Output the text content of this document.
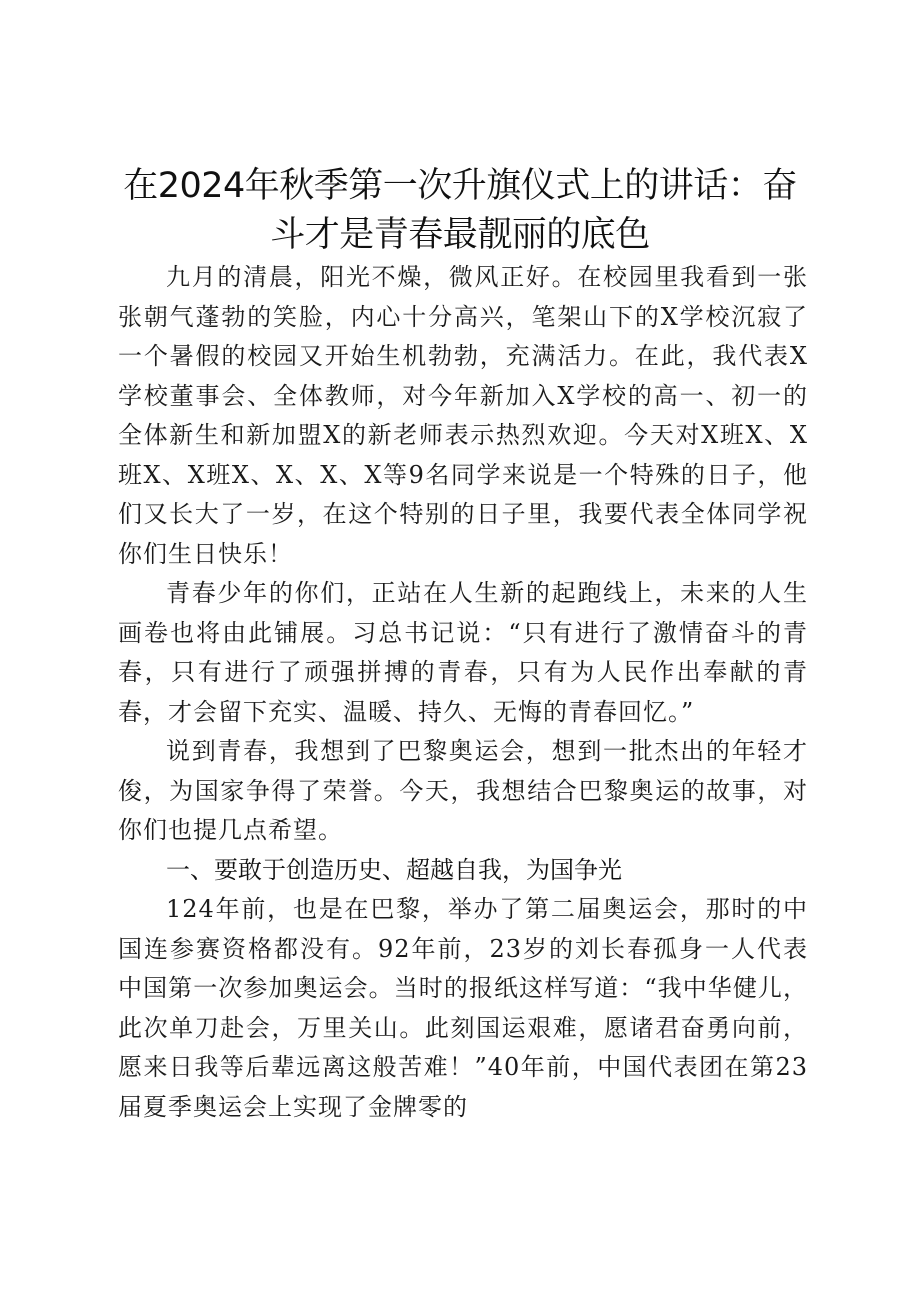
在2024年秋季第一次升旗仪式上的讲话：奋斗才是青春最靓丽的底色

九月的清晨，阳光不燥，微风正好。在校园里我看到一张张朝气蓬勃的笑脸，内心十分高兴，笔架山下的X学校沉寂了一个暑假的校园又开始生机勃勃，充满活力。在此，我代表X学校董事会、全体教师，对今年新加入X学校的高一、初一的全体新生和新加盟X的新老师表示热烈欢迎。今天对X班X、X班X、X班X、X、X、X等9名同学来说是一个特殊的日子，他们又长大了一岁，在这个特别的日子里，我要代表全体同学祝你们生日快乐！

青春少年的你们，正站在人生新的起跑线上，未来的人生画卷也将由此铺展。习总书记说：“只有进行了激情奋斗的青春，只有进行了顽强拼搏的青春，只有为人民作出奉献的青春，才会留下充实、温暖、持久、无悔的青春回忆。”

说到青春，我想到了巴黎奥运会，想到一批杰出的年轻才俊，为国家争得了荣誉。今天，我想结合巴黎奥运的故事，对你们也提几点希望。

一、要敢于创造历史、超越自我，为国争光

124年前，也是在巴黎，举办了第二届奥运会，那时的中国连参赛资格都没有。92年前，23岁的刘长春孤身一人代表中国第一次参加奥运会。当时的报纸这样写道：“我中华健儿，此次单刀赴会，万里关山。此刻国运艰难，愿诸君奋勇向前，愿来日我等后辈远离这般苦难！”40年前，中国代表团在第23届夏季奥运会上实现了金牌零的
